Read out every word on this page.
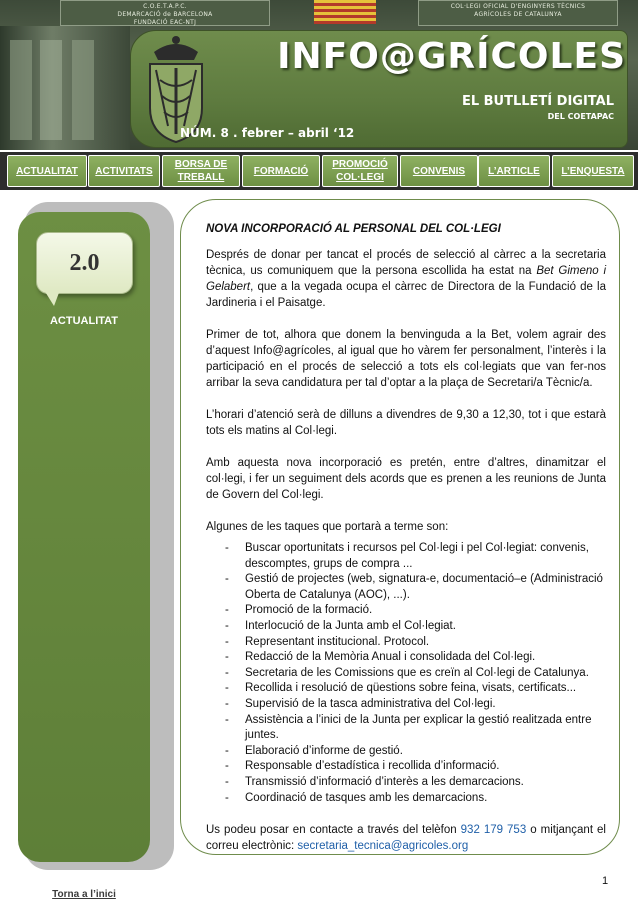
C.O.E.T.A.P.C.
DEMARCACIÓ de BARCELONA
FUNDACIÓ EAC-NTJ
COL·LEGI OFICIAL D'ENGINYERS TÈCNICS
AGRÍCOLES DE CATALUNYA
INFO@GRÍCOLES
EL BUTLLETÍ DIGITAL
DEL COETAPAC
NÚM. 8 . febrer – abril ‘12
ACTUALITAT ACTIVITATS
BORSA DE
TREBALL
FORMACIÓ
PROMOCIÓ
COL·LEGI
CONVENIS L’ARTICLE L’ENQUESTA
2.0
ACTUALITAT
Torna a l’inici
NOVA INCORPORACIÓ AL PERSONAL DEL COL·LEGI

Després de donar per tancat el procés de selecció al càrrec a la secretaria tècnica, us comuniquem que la persona escollida ha estat na Bet Gimeno i Gelabert, que a la vegada ocupa el càrrec de Directora de la Fundació de la Jardineria i el Paisatge.

Primer de tot, alhora que donem la benvinguda a la Bet, volem agrair des d’aquest Info@agrícoles, al igual que ho vàrem fer personalment, l’interès i la participació en el procés de selecció a tots els col·legiats que van fer-nos arribar la seva candidatura per tal d’optar a la plaça de Secretari/a Tècnic/a.

L’horari d’atenció serà de dilluns a divendres de 9,30 a 12,30, tot i que estarà tots els matins al Col·legi.

Amb aquesta nova incorporació es pretén, entre d’altres, dinamitzar el col·legi, i fer un seguiment dels acords que es prenen a les reunions de Junta de Govern del Col·legi.

Algunes de les taques que portarà a terme son:

- Buscar oportunitats i recursos pel Col·legi i pel Col·legiat: convenis, descomptes, grups de compra ...
- Gestió de projectes (web, signatura-e, documentació–e (Administració Oberta de Catalunya (AOC), ...).
- Promoció de la formació.
- Interlocució de la Junta amb el Col·legiat.
- Representant institucional. Protocol.
- Redacció de la Memòria Anual i consolidada del Col·legi.
- Secretaria de les Comissions que es creïn al Col·legi de Catalunya.
- Recollida i resolució de qüestions sobre feina, visats, certificats...
- Supervisió de la tasca administrativa del Col·legi.
- Assistència a l’inici de la Junta per explicar la gestió realitzada entre juntes.
- Elaboració d’informe de gestió.
- Responsable d’estadística i recollida d’informació.
- Transmissió d’informació d’interès a les demarcacions.
- Coordinació de tasques amb les demarcacions.

Us podeu posar en contacte a través del telèfon 932 179 753 o mitjançant el correu electrònic: secretaria_tecnica@agricoles.org

1
